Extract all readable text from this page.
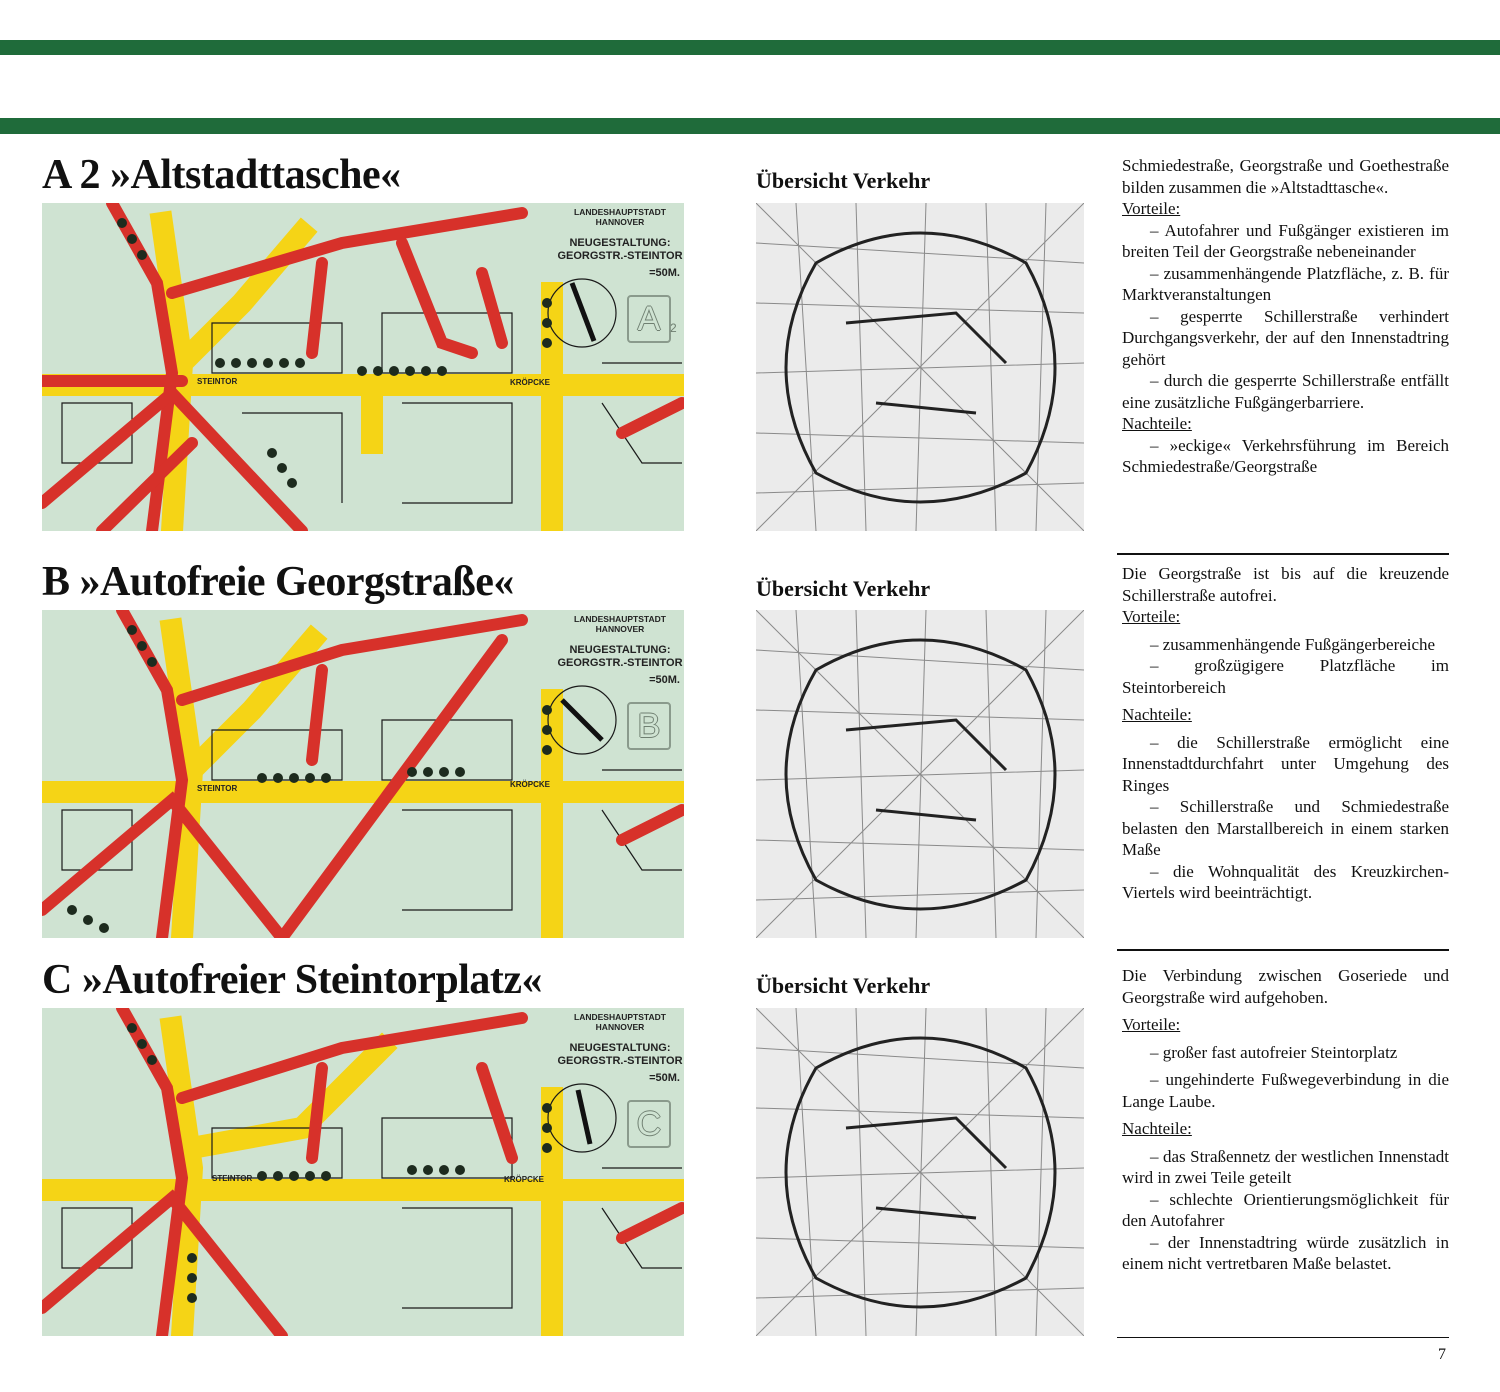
A 2 »Altstadttasche«
LANDESHAUPTSTADT HANNOVER
NEUGESTALTUNG: GEORGSTR.-STEINTOR
=50M.
STEINTOR	KRÖPCKE
A 2
Übersicht Verkehr

Schmiedestraße, Georgstraße und Goethestraße bilden zusammen die »Altstadttasche«.

Vorteile:

– Autofahrer und Fußgänger existieren im breiten Teil der Georgstraße nebeneinander

– zusammenhängende Platzfläche, z. B. für Marktveranstaltungen

– gesperrte Schillerstraße verhindert Durchgangsverkehr, der auf den Innenstadtring gehört

– durch die gesperrte Schillerstraße entfällt eine zusätzliche Fußgängerbarriere.

Nachteile:

– »eckige« Verkehrsführung im Bereich Schmiedestraße/Georgstraße

B »Autofreie Georgstraße«
LANDESHAUPTSTADT HANNOVER
NEUGESTALTUNG: GEORGSTR.-STEINTOR
=50M.
STEINTOR	KRÖPCKE
B
Übersicht Verkehr

Die Georgstraße ist bis auf die kreuzende Schillerstraße autofrei.

Vorteile:

– zusammenhängende Fußgängerbereiche

– großzügigere Platzfläche im Steintorbereich

Nachteile:

– die Schillerstraße ermöglicht eine Innenstadtdurchfahrt unter Umgehung des Ringes

– Schillerstraße und Schmiedestraße belasten den Marstallbereich in einem starken Maße

– die Wohnqualität des Kreuzkirchen-Viertels wird beeinträchtigt.

C »Autofreier Steintorplatz«
LANDESHAUPTSTADT HANNOVER
NEUGESTALTUNG: GEORGSTR.-STEINTOR
=50M.
STEINTOR	KRÖPCKE
C
Übersicht Verkehr	Die Verbindung zwischen Goseriede und Georgstraße wird aufgehoben.

Vorteile:

– großer fast autofreier Steintorplatz

– ungehinderte Fußwegeverbindung in die Lange Laube.

Nachteile:

– das Straßennetz der westlichen Innenstadt wird in zwei Teile geteilt

– schlechte Orientierungsmöglichkeit für den Autofahrer

– der Innenstadtring würde zusätzlich in einem nicht vertretbaren Maße belastet.

7
